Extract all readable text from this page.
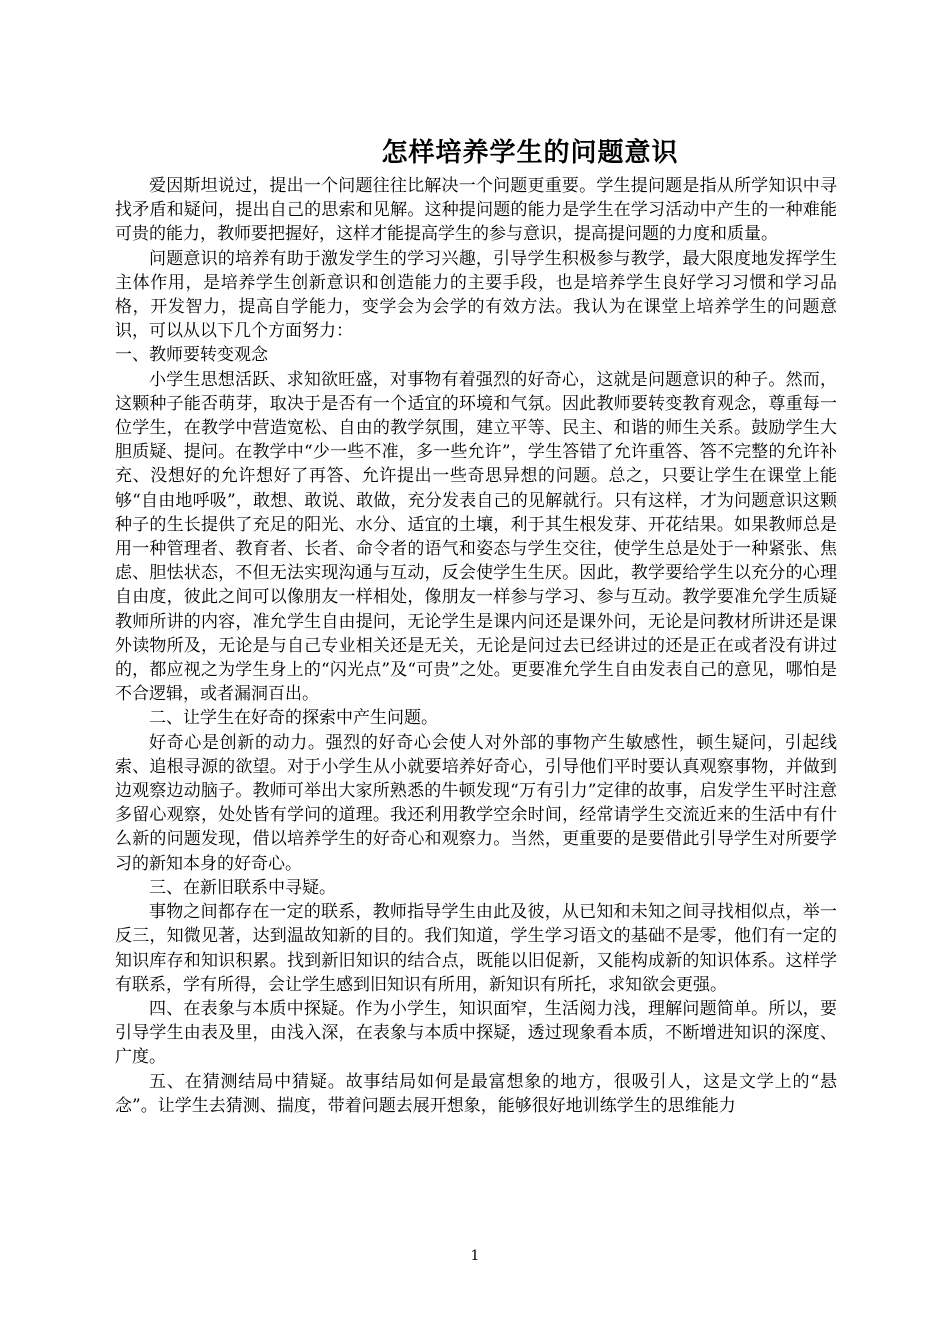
怎样培养学生的问题意识

爱因斯坦说过，提出一个问题往往比解决一个问题更重要。学生提问题是指从所学知识中寻找矛盾和疑问，提出自己的思索和见解。这种提问题的能力是学生在学习活动中产生的一种难能可贵的能力，教师要把握好，这样才能提高学生的参与意识，提高提问题的力度和质量。

问题意识的培养有助于激发学生的学习兴趣，引导学生积极参与教学，最大限度地发挥学生主体作用，是培养学生创新意识和创造能力的主要手段，也是培养学生良好学习习惯和学习品格，开发智力，提高自学能力，变学会为会学的有效方法。我认为在课堂上培养学生的问题意识，可以从以下几个方面努力：

一、教师要转变观念

小学生思想活跃、求知欲旺盛，对事物有着强烈的好奇心，这就是问题意识的种子。然而，这颗种子能否萌芽，取决于是否有一个适宜的环境和气氛。因此教师要转变教育观念，尊重每一位学生，在教学中营造宽松、自由的教学氛围，建立平等、民主、和谐的师生关系。鼓励学生大胆质疑、提问。在教学中“少一些不准，多一些允许”，学生答错了允许重答、答不完整的允许补充、没想好的允许想好了再答、允许提出一些奇思异想的问题。总之，只要让学生在课堂上能够“自由地呼吸”，敢想、敢说、敢做，充分发表自己的见解就行。只有这样，才为问题意识这颗种子的生长提供了充足的阳光、水分、适宜的土壤，利于其生根发芽、开花结果。如果教师总是用一种管理者、教育者、长者、命令者的语气和姿态与学生交往，使学生总是处于一种紧张、焦虑、胆怯状态，不但无法实现沟通与互动，反会使学生生厌。因此，教学要给学生以充分的心理自由度，彼此之间可以像朋友一样相处，像朋友一样参与学习、参与互动。教学要准允学生质疑教师所讲的内容，准允学生自由提问，无论学生是课内问还是课外问，无论是问教材所讲还是课外读物所及，无论是与自己专业相关还是无关，无论是问过去已经讲过的还是正在或者没有讲过的，都应视之为学生身上的“闪光点”及“可贵”之处。更要准允学生自由发表自己的意见，哪怕是不合逻辑，或者漏洞百出。

二、让学生在好奇的探索中产生问题。

好奇心是创新的动力。强烈的好奇心会使人对外部的事物产生敏感性，顿生疑问，引起线索、追根寻源的欲望。对于小学生从小就要培养好奇心，引导他们平时要认真观察事物，并做到边观察边动脑子。教师可举出大家所熟悉的牛顿发现“万有引力”定律的故事，启发学生平时注意多留心观察，处处皆有学问的道理。我还利用教学空余时间，经常请学生交流近来的生活中有什么新的问题发现，借以培养学生的好奇心和观察力。当然，更重要的是要借此引导学生对所要学习的新知本身的好奇心。

三、在新旧联系中寻疑。

事物之间都存在一定的联系，教师指导学生由此及彼，从已知和未知之间寻找相似点，举一反三，知微见著，达到温故知新的目的。我们知道，学生学习语文的基础不是零，他们有一定的知识库存和知识积累。找到新旧知识的结合点，既能以旧促新，又能构成新的知识体系。这样学有联系，学有所得，会让学生感到旧知识有所用，新知识有所托，求知欲会更强。

四、在表象与本质中探疑。作为小学生，知识面窄，生活阅力浅，理解问题简单。所以，要引导学生由表及里，由浅入深，在表象与本质中探疑，透过现象看本质，不断增进知识的深度、广度。

五、在猜测结局中猜疑。故事结局如何是最富想象的地方，很吸引人，这是文学上的“悬念”。让学生去猜测、揣度，带着问题去展开想象，能够很好地训练学生的思维能力

1
